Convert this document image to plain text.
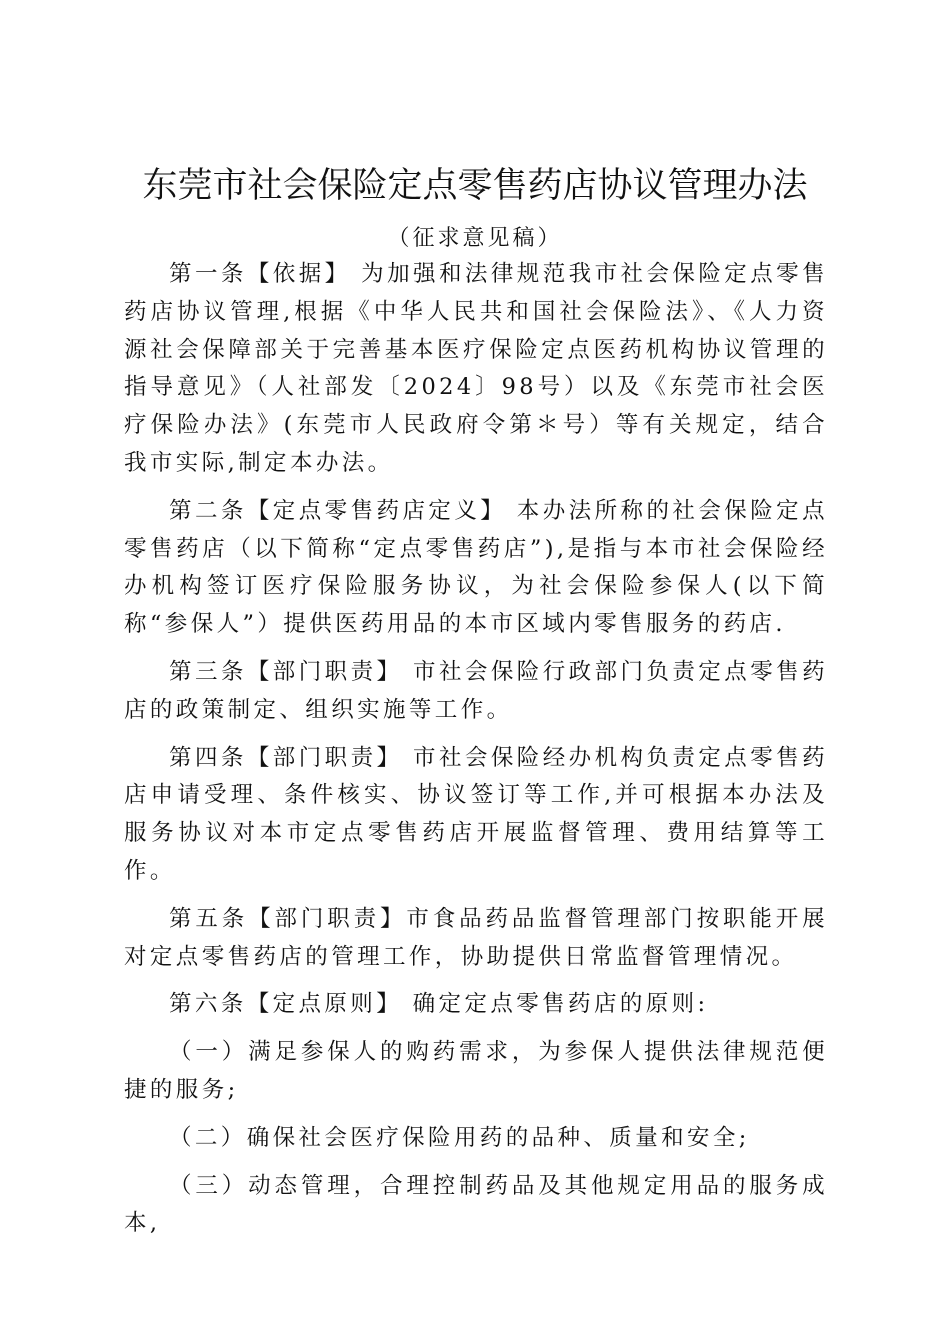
东莞市社会保险定点零售药店协议管理办法
（征求意见稿）

第一条【依据】 为加强和法律规范我市社会保险定点零售药店协议管理,根据《中华人民共和国社会保险法》、《人力资源社会保障部关于完善基本医疗保险定点医药机构协议管理的指导意见》（人社部发〔2024〕98号）以及《东莞市社会医疗保险办法》(东莞市人民政府令第＊号）等有关规定，结合我市实际,制定本办法。

第二条【定点零售药店定义】 本办法所称的社会保险定点零售药店（以下简称“定点零售药店”),是指与本市社会保险经办机构签订医疗保险服务协议，为社会保险参保人(以下简称“参保人”）提供医药用品的本市区域内零售服务的药店.

第三条【部门职责】 市社会保险行政部门负责定点零售药店的政策制定、组织实施等工作。

第四条【部门职责】 市社会保险经办机构负责定点零售药店申请受理、条件核实、协议签订等工作,并可根据本办法及服务协议对本市定点零售药店开展监督管理、费用结算等工作。

第五条【部门职责】市食品药品监督管理部门按职能开展对定点零售药店的管理工作，协助提供日常监督管理情况。

第六条【定点原则】 确定定点零售药店的原则:

（一）满足参保人的购药需求，为参保人提供法律规范便捷的服务;

（二）确保社会医疗保险用药的品种、质量和安全;

（三）动态管理，合理控制药品及其他规定用品的服务成本,
